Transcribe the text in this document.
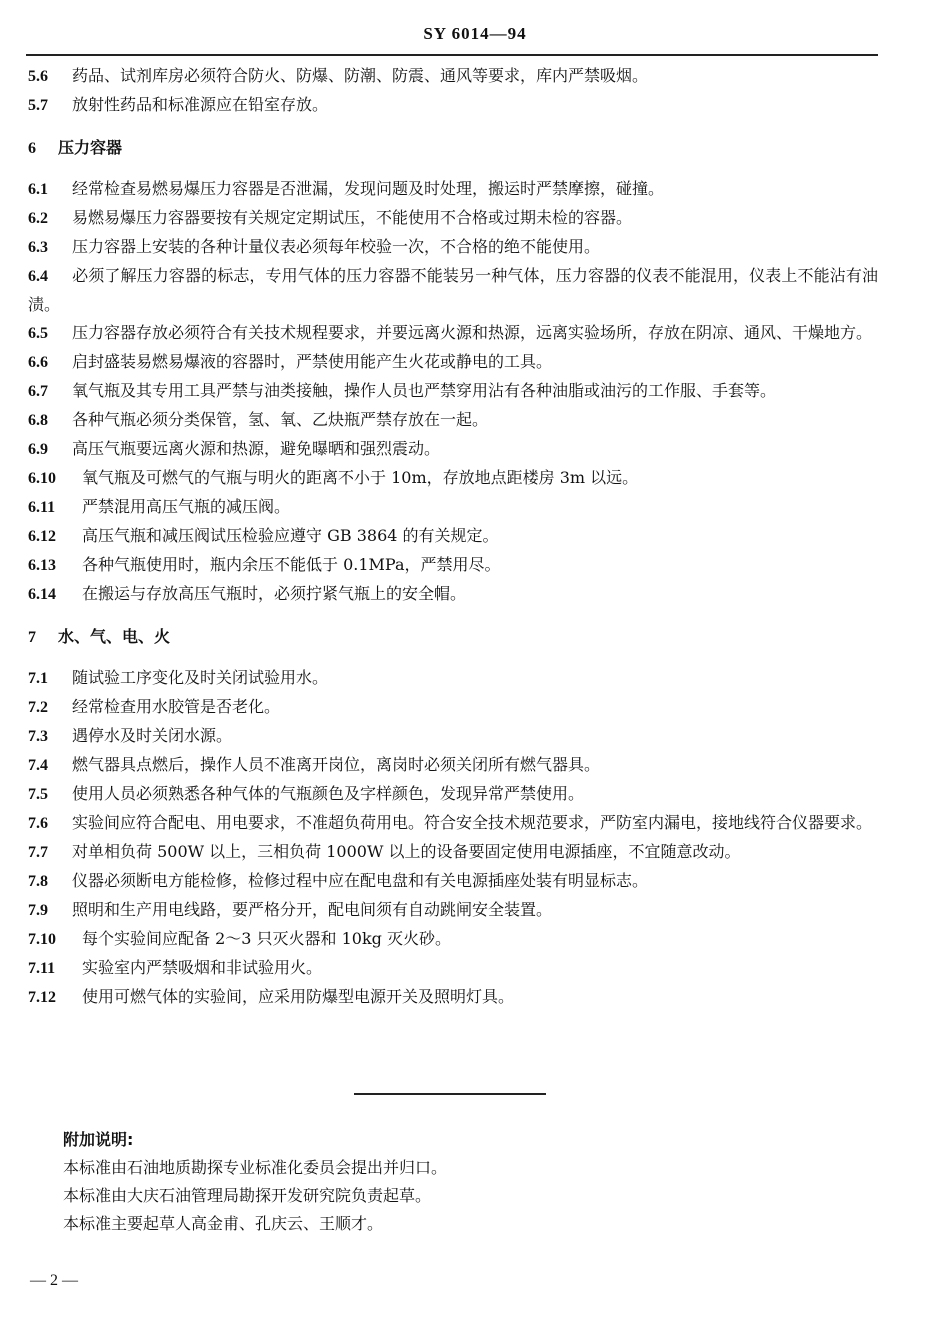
SY 6014—94

5.6 药品、试剂库房必须符合防火、防爆、防潮、防震、通风等要求，库内严禁吸烟。

5.7 放射性药品和标准源应在铅室存放。

6 压力容器

6.1 经常检查易燃易爆压力容器是否泄漏，发现问题及时处理，搬运时严禁摩擦，碰撞。

6.2 易燃易爆压力容器要按有关规定定期试压，不能使用不合格或过期未检的容器。

6.3 压力容器上安装的各种计量仪表必须每年校验一次，不合格的绝不能使用。

6.4 必须了解压力容器的标志，专用气体的压力容器不能装另一种气体，压力容器的仪表不能混用，仪表上不能沾有油渍。

6.5 压力容器存放必须符合有关技术规程要求，并要远离火源和热源，远离实验场所，存放在阴凉、通风、干燥地方。

6.6 启封盛装易燃易爆液的容器时，严禁使用能产生火花或静电的工具。

6.7 氧气瓶及其专用工具严禁与油类接触，操作人员也严禁穿用沾有各种油脂或油污的工作服、手套等。

6.8 各种气瓶必须分类保管，氢、氧、乙炔瓶严禁存放在一起。

6.9 高压气瓶要远离火源和热源，避免曝晒和强烈震动。

6.10 氧气瓶及可燃气的气瓶与明火的距离不小于 10m，存放地点距楼房 3m 以远。

6.11 严禁混用高压气瓶的减压阀。

6.12 高压气瓶和减压阀试压检验应遵守 GB 3864 的有关规定。

6.13 各种气瓶使用时，瓶内余压不能低于 0.1MPa，严禁用尽。

6.14 在搬运与存放高压气瓶时，必须拧紧气瓶上的安全帽。

7 水、气、电、火

7.1 随试验工序变化及时关闭试验用水。

7.2 经常检查用水胶管是否老化。

7.3 遇停水及时关闭水源。

7.4 燃气器具点燃后，操作人员不准离开岗位，离岗时必须关闭所有燃气器具。

7.5 使用人员必须熟悉各种气体的气瓶颜色及字样颜色，发现异常严禁使用。

7.6 实验间应符合配电、用电要求，不准超负荷用电。符合安全技术规范要求，严防室内漏电，接地线符合仪器要求。

7.7 对单相负荷 500W 以上，三相负荷 1000W 以上的设备要固定使用电源插座，不宜随意改动。

7.8 仪器必须断电方能检修，检修过程中应在配电盘和有关电源插座处装有明显标志。

7.9 照明和生产用电线路，要严格分开，配电间须有自动跳闸安全装置。

7.10 每个实验间应配备 2～3 只灭火器和 10kg 灭火砂。

7.11 实验室内严禁吸烟和非试验用火。

7.12 使用可燃气体的实验间，应采用防爆型电源开关及照明灯具。

附加说明:

本标准由石油地质勘探专业标准化委员会提出并归口。

本标准由大庆石油管理局勘探开发研究院负责起草。

本标准主要起草人高金甫、孔庆云、王顺才。

— 2 —
